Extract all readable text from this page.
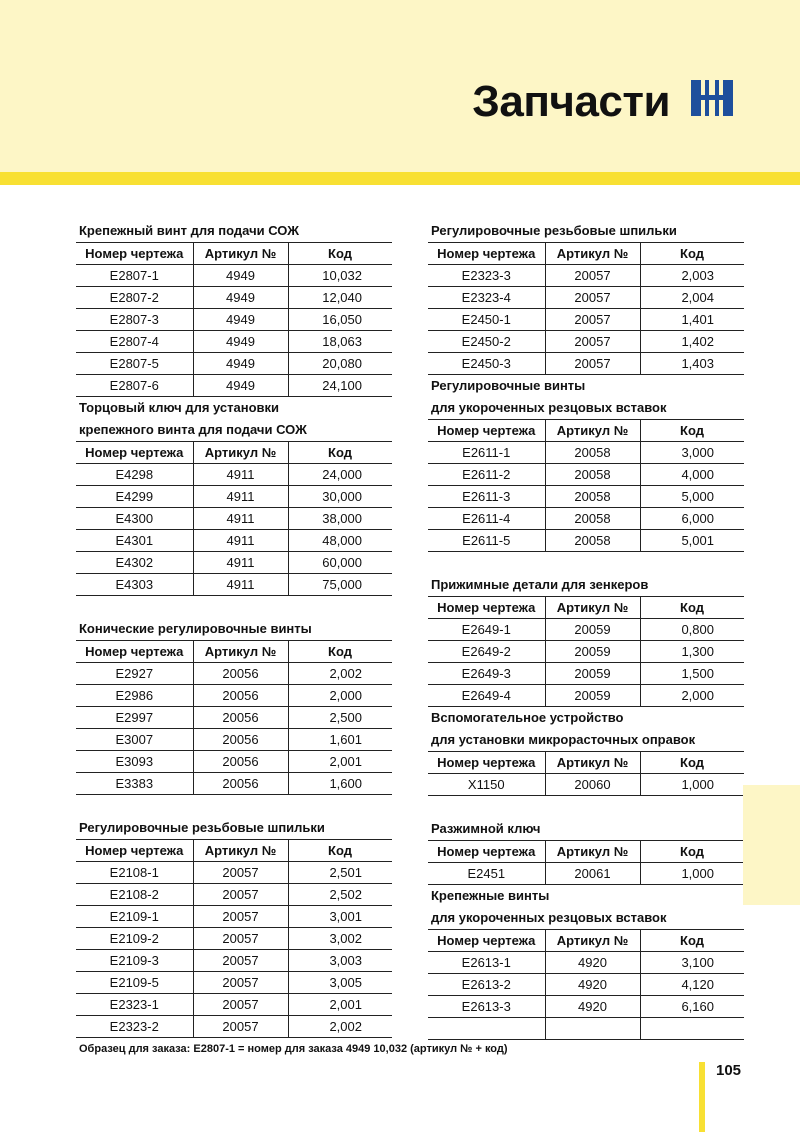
Запчасти
Крепежный винт для подачи СОЖ
Номер чертежа	Артикул №	Код
E2807-1	4949	10,032
E2807-2	4949	12,040
E2807-3	4949	16,050
E2807-4	4949	18,063
E2807-5	4949	20,080
E2807-6	4949	24,100
Торцовый ключ для установки
крепежного винта для подачи СОЖ
Номер чертежа	Артикул №	Код
E4298	4911	24,000
E4299	4911	30,000
E4300	4911	38,000
E4301	4911	48,000
E4302	4911	60,000
E4303	4911	75,000
Конические регулировочные винты
Номер чертежа	Артикул №	Код
E2927	20056	2,002
E2986	20056	2,000
E2997	20056	2,500
E3007	20056	1,601
E3093	20056	2,001
E3383	20056	1,600
Регулировочные резьбовые шпильки
Номер чертежа	Артикул №	Код
E2108-1	20057	2,501
E2108-2	20057	2,502
E2109-1	20057	3,001
E2109-2	20057	3,002
E2109-3	20057	3,003
E2109-5	20057	3,005
E2323-1	20057	2,001
E2323-2	20057	2,002
Регулировочные резьбовые шпильки
Номер чертежа	Артикул №	Код
E2323-3	20057	2,003
E2323-4	20057	2,004
E2450-1	20057	1,401
E2450-2	20057	1,402
E2450-3	20057	1,403
Регулировочные винты
для укороченных резцовых вставок
Номер чертежа	Артикул №	Код
E2611-1	20058	3,000
E2611-2	20058	4,000
E2611-3	20058	5,000
E2611-4	20058	6,000
E2611-5	20058	5,001
Прижимные детали для зенкеров
Номер чертежа	Артикул №	Код
E2649-1	20059	0,800
E2649-2	20059	1,300
E2649-3	20059	1,500
E2649-4	20059	2,000
Вспомогательное устройство
для установки микрорасточных оправок
Номер чертежа	Артикул №	Код
X1150	20060	1,000
Разжимной ключ
Номер чертежа	Артикул №	Код
E2451	20061	1,000
Крепежные винты
для укороченных резцовых вставок
Номер чертежа	Артикул №	Код
E2613-1	4920	3,100
E2613-2	4920	4,120
E2613-3	4920	6,160

Образец для заказа: E2807-1 = номер для заказа 4949 10,032 (артикул № + код)
105
